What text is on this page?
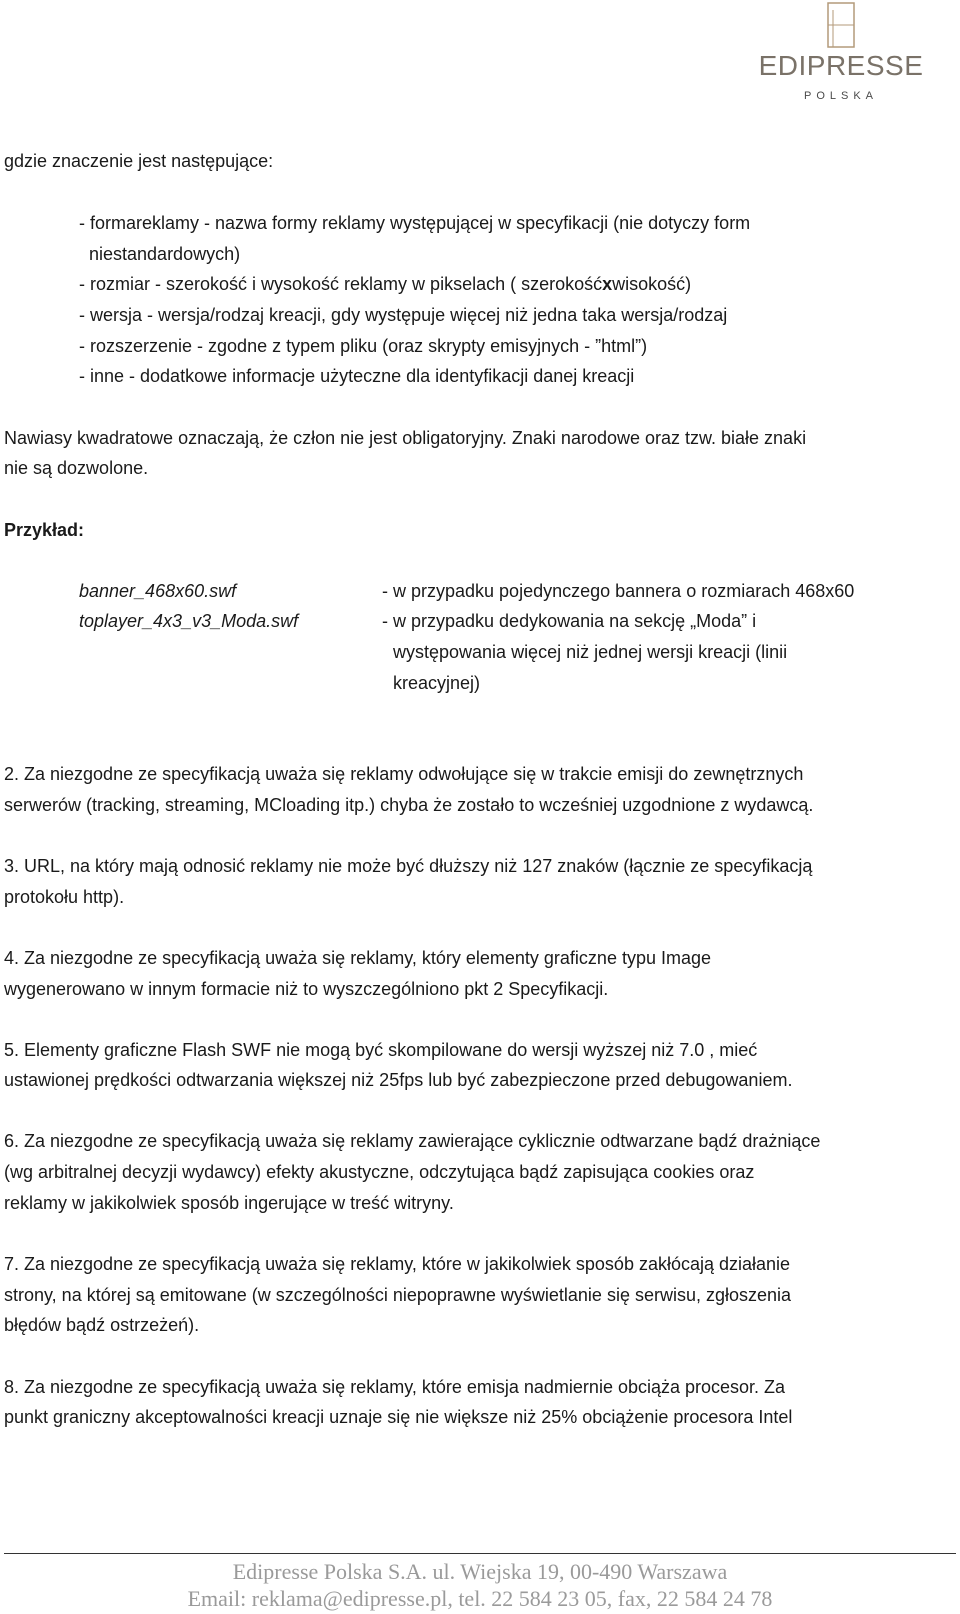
EDIPRESSE
POLSKA
gdzie znaczenie jest następujące:
- formareklamy - nazwa formy reklamy występującej w specyfikacji (nie dotyczy form
niestandardowych)
- rozmiar - szerokość i wysokość reklamy w pikselach ( szerokośćxwisokość)
- wersja - wersja/rodzaj kreacji, gdy występuje więcej niż jedna taka wersja/rodzaj
- rozszerzenie - zgodne z typem pliku (oraz skrypty emisyjnych - ”html”)
- inne - dodatkowe informacje użyteczne dla identyfikacji danej kreacji
Nawiasy kwadratowe oznaczają, że człon nie jest obligatoryjny. Znaki narodowe oraz tzw. białe znaki
nie są dozwolone.
Przykład:
banner_468x60.swf	- w przypadku pojedynczego bannera o rozmiarach 468x60
toplayer_4x3_v3_Moda.swf	- w przypadku dedykowania na sekcję „Moda” i
występowania więcej niż jednej wersji kreacji (linii
kreacyjnej)
2. Za niezgodne ze specyfikacją uważa się reklamy odwołujące się w trakcie emisji do zewnętrznych
serwerów (tracking, streaming, MCloading itp.) chyba że zostało to wcześniej uzgodnione z wydawcą.
3. URL, na który mają odnosić reklamy nie może być dłuższy niż 127 znaków (łącznie ze specyfikacją
protokołu http).
4. Za niezgodne ze specyfikacją uważa się reklamy, który elementy graficzne typu Image
wygenerowano w innym formacie niż to wyszczególniono pkt 2 Specyfikacji.
5. Elementy graficzne Flash SWF nie mogą być skompilowane do wersji wyższej niż 7.0 , mieć
ustawionej prędkości odtwarzania większej niż 25fps lub być zabezpieczone przed debugowaniem.
6. Za niezgodne ze specyfikacją uważa się reklamy zawierające cyklicznie odtwarzane bądź drażniące
(wg arbitralnej decyzji wydawcy) efekty akustyczne, odczytująca bądź zapisująca cookies oraz
reklamy w jakikolwiek sposób ingerujące w treść witryny.
7. Za niezgodne ze specyfikacją uważa się reklamy, które w jakikolwiek sposób zakłócają działanie
strony, na której są emitowane (w szczególności niepoprawne wyświetlanie się serwisu, zgłoszenia
błędów bądź ostrzeżeń).
8. Za niezgodne ze specyfikacją uważa się reklamy, które emisja nadmiernie obciąża procesor. Za
punkt graniczny akceptowalności kreacji uznaje się nie większe niż 25% obciążenie procesora Intel
Edipresse Polska S.A. ul. Wiejska 19, 00-490 Warszawa
Email: reklama@edipresse.pl, tel. 22 584 23 05, fax, 22 584 24 78
